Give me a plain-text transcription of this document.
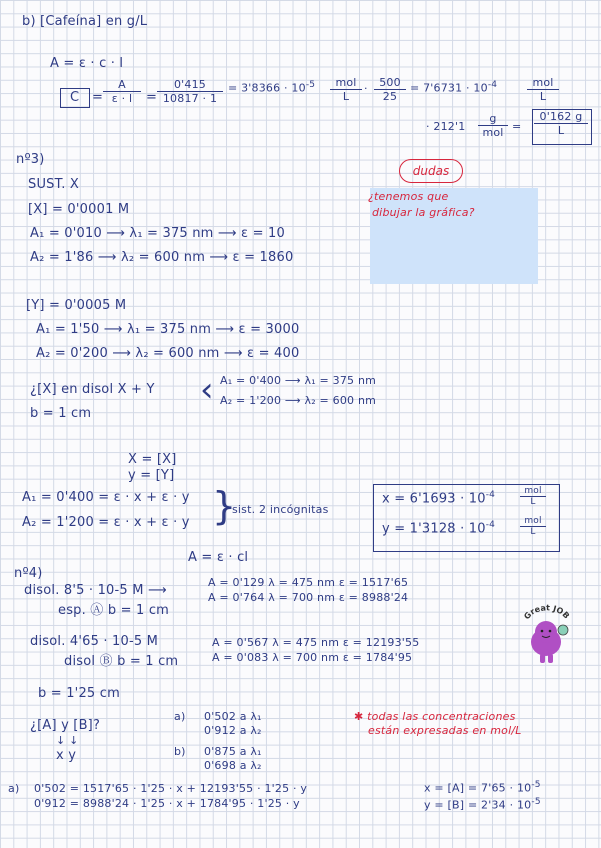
b) [Cafeína] en g/L
A = ε · c · l
$C = \frac{A}{\varepsilon \cdot l} = \frac{0'415}{10817 \cdot 1} = 3'8366 \cdot 10^{-5}$	mol
L
· $\frac{500}{25} = 7'6731 \cdot 10^{-4}$	mol
L
· 212'1
g
mol = $\frac{0'162 g}{L}$
dudas
¿tenemos que
dibujar la gráfica?
nº3)
SUST. X
[X] = 0'0001 M
A₁ = 0'010 ⟶ λ₁ = 375 nm ⟶ ε = 10
A₂ = 1'86 ⟶ λ₂ = 600 nm ⟶ ε = 1860
[Y] = 0'0005 M
A₁ = 1'50 ⟶ λ₁ = 375 nm ⟶ ε = 3000
A₂ = 0'200 ⟶ λ₂ = 600 nm ⟶ ε = 400
¿[X] en disol X + Y ‹ A₁ = 0'400 ⟶ λ₁ = 375 nm
A₂ = 1'200 ⟶ λ₂ = 600 nm
b = 1 cm
X = [X]
y = [Y]
A₁ = 0'400 = ε · x + ε · y
A₂ = 1'200 = ε · x + ε · y }
sist. 2 incógnitas
$x = 6'1693 \cdot 10^{-4}$	mol
L
$y = 1'3128 \cdot 10^{-4}$	mol
L
A = ε · cl
nº4)
disol. 8'5 · 10-5 M ⟶
esp. Ⓐ b = 1 cm
A = 0'129 λ = 475 nm ε = 1517'65
A = 0'764 λ = 700 nm ε = 8988'24
disol. 4'65 · 10-5 M
disol Ⓑ b = 1 cm
A = 0'567 λ = 475 nm ε = 12193'55
A = 0'083 λ = 700 nm ε = 1784'95
b = 1'25 cm
¿[A] y [B]?
↓ ↓
x y
a) 0'502 a λ₁
0'912 a λ₂
b) 0'875 a λ₁
0'698 a λ₂
✱ todas las concentraciones
están expresadas en mol/L
a) 0'502 = 1517'65 · 1'25 · x + 12193'55 · 1'25 · y
0'912 = 8988'24 · 1'25 · x + 1784'95 · 1'25 · y
$x = [A] = 7'65 \cdot 10^{-5}$
$y = [B] = 2'34 \cdot 10^{-5}$
Great JOB
